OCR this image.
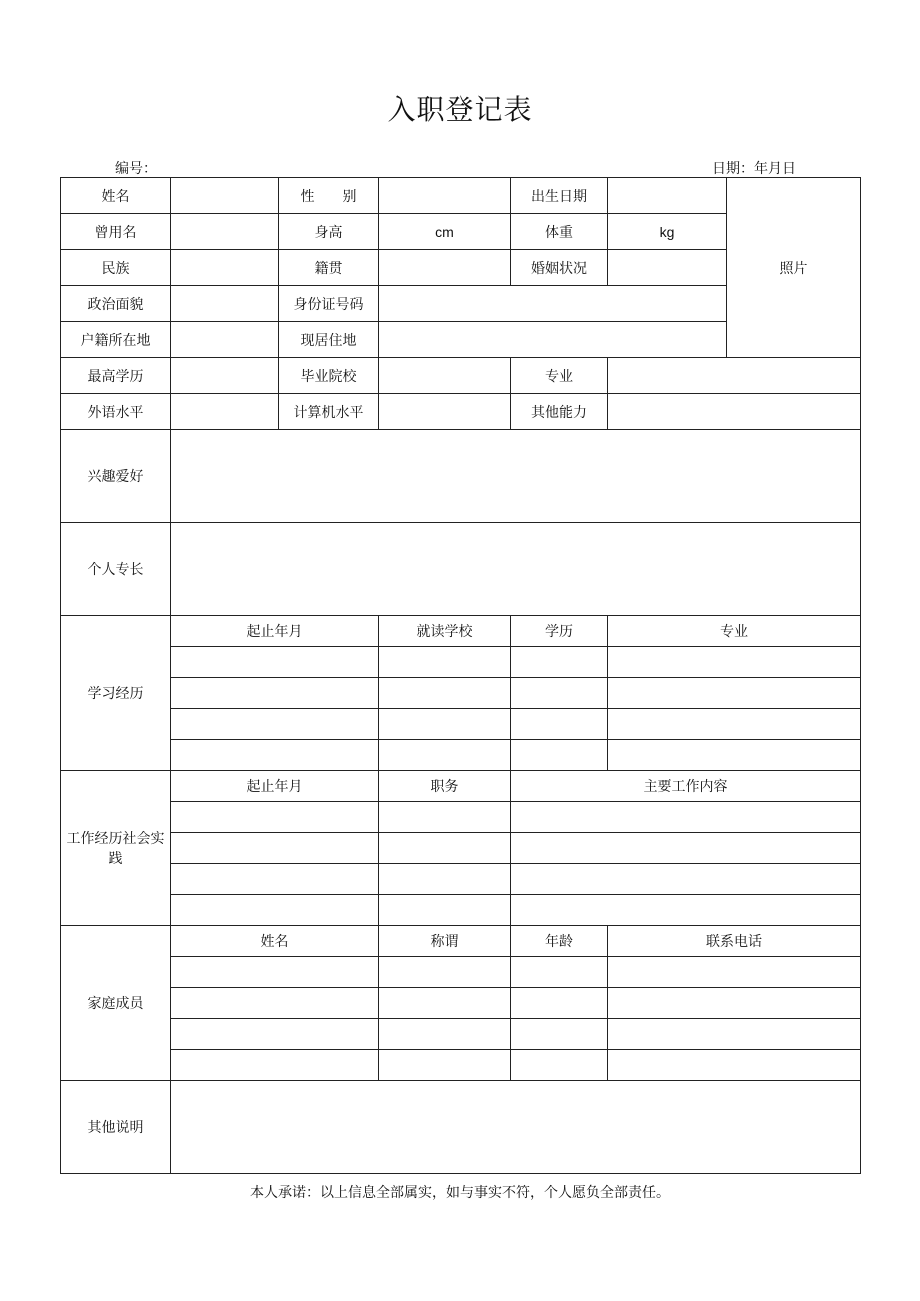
入职登记表
编号：	日期：年月日
姓名		性　　别		出生日期		照片
曾用名		身高	cm	体重	kg	
民族		籍贯		婚姻状况		
政治面貌		身份证号码				
户籍所在地		现居住地				
最高学历		毕业院校		专业		
外语水平		计算机水平		其他能力		
兴趣爱好						
个人专长						
学习经历	起止年月		就读学校	学历	专业	

工作经历社会实践	起止年月		职务	主要工作内容		

家庭成员	姓名		称谓	年龄	联系电话	

其他说明						
本人承诺：以上信息全部属实，如与事实不符，个人愿负全部责任。
